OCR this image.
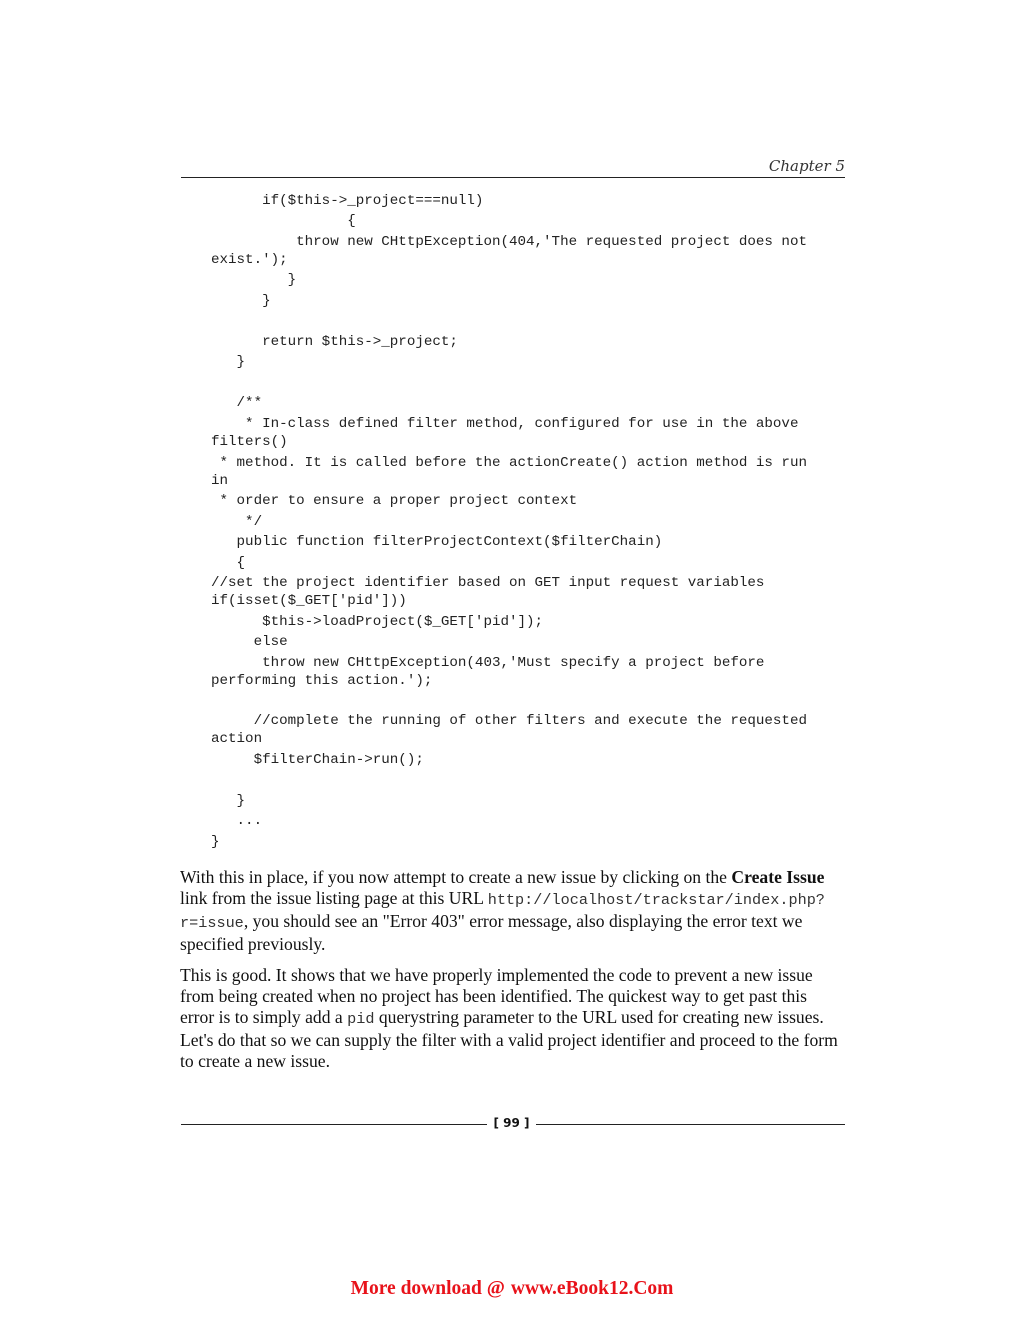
Chapter 5
if($this->_project===null)
{
throw new CHttpException(404,'The requested project does not
exist.');
}
}
return $this->_project;
}
/**
* In-class defined filter method, configured for use in the above
filters()
* method. It is called before the actionCreate() action method is run
in
* order to ensure a proper project context
*/
public function filterProjectContext($filterChain)
{
//set the project identifier based on GET input request variables
if(isset($_GET['pid']))
$this->loadProject($_GET['pid']);
else
throw new CHttpException(403,'Must specify a project before
performing this action.');
//complete the running of other filters and execute the requested
action
$filterChain->run();
}
...
}

With this in place, if you now attempt to create a new issue by clicking on the Create Issue link from the issue listing page at this URL http://localhost/trackstar/index.php?r=issue, you should see an "Error 403" error message, also displaying the error text we specified previously.

This is good. It shows that we have properly implemented the code to prevent a new issue from being created when no project has been identified. The quickest way to get past this error is to simply add a pid querystring parameter to the URL used for creating new issues. Let's do that so we can supply the filter with a valid project identifier and proceed to the form to create a new issue.

[ 99 ]
More download @ www.eBook12.Com
